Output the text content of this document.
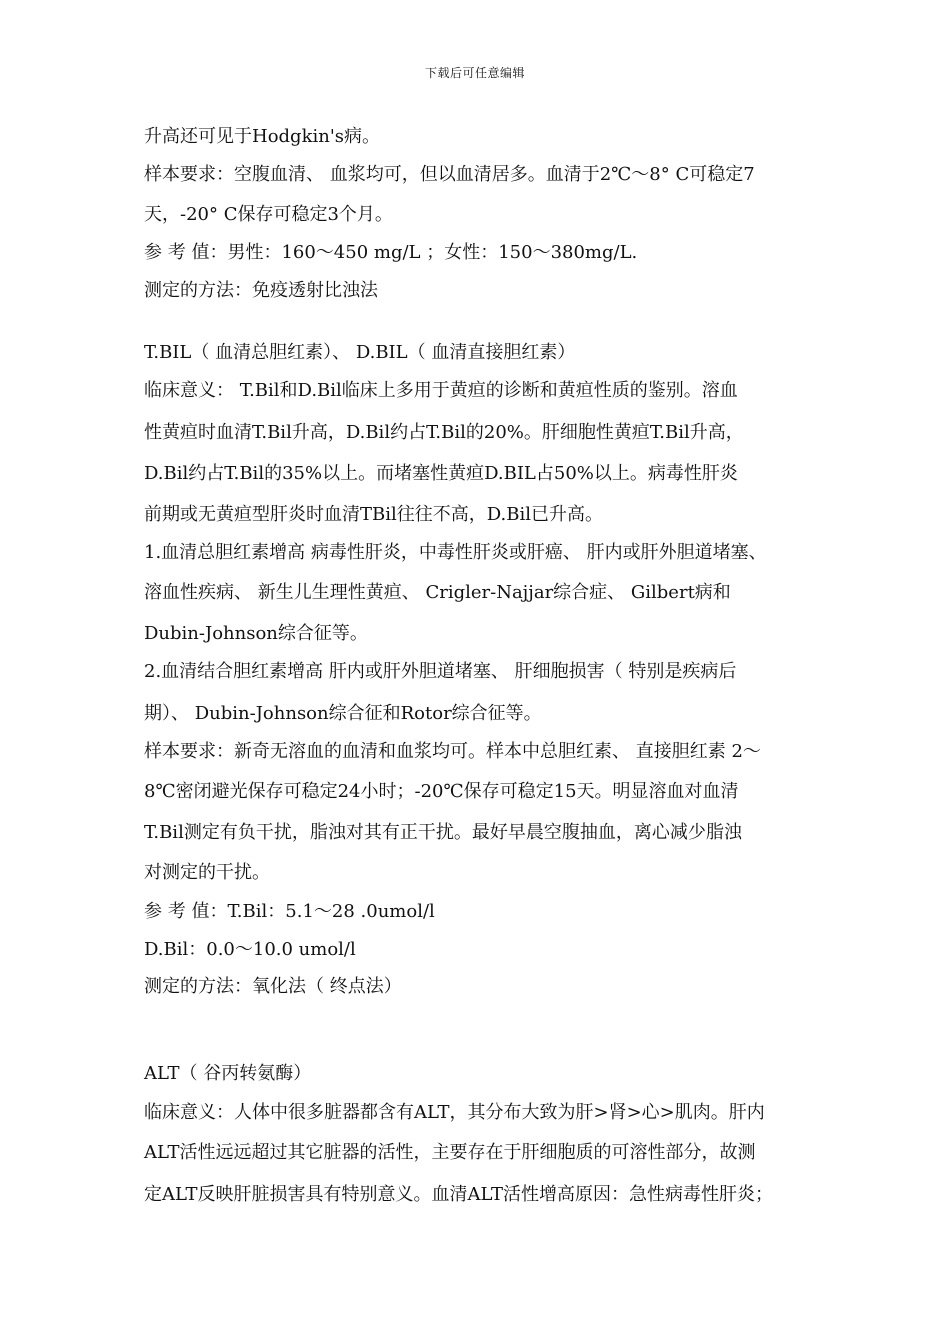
下载后可任意编辑
升高还可见于Hodgkin's病。
样本要求：空腹血清、 血浆均可，但以血清居多。血清于2℃～8° C可稳定7
天，-20° C保存可稳定3个月。
参 考 值：男性：160～450 mg/L ；女性：150～380mg/L.
测定的方法：免疫透射比浊法
T.BIL（ 血清总胆红素）、 D.BIL（ 血清直接胆红素）
临床意义： T.Bil和D.Bil临床上多用于黄疸的诊断和黄疸性质的鉴别。溶血
性黄疸时血清T.Bil升高，D.Bil约占T.Bil的20%。肝细胞性黄疸T.Bil升高，
D.Bil约占T.Bil的35%以上。而堵塞性黄疸D.BIL占50%以上。病毒性肝炎
前期或无黄疸型肝炎时血清TBil往往不高，D.Bil已升高。
1.血清总胆红素增高 病毒性肝炎，中毒性肝炎或肝癌、 肝内或肝外胆道堵塞、
溶血性疾病、 新生儿生理性黄疸、 Crigler-Najjar综合症、 Gilbert病和
Dubin-Johnson综合征等。
2.血清结合胆红素增高 肝内或肝外胆道堵塞、 肝细胞损害（ 特别是疾病后
期）、 Dubin-Johnson综合征和Rotor综合征等。
样本要求：新奇无溶血的血清和血浆均可。样本中总胆红素、 直接胆红素 2～
8℃密闭避光保存可稳定24小时；-20℃保存可稳定15天。明显溶血对血清
T.Bil测定有负干扰，脂浊对其有正干扰。最好早晨空腹抽血，离心减少脂浊
对测定的干扰。
参 考 值：T.Bil：5.1～28 .0umol/l
D.Bil：0.0～10.0 umol/l
测定的方法：氧化法（ 终点法）
ALT（ 谷丙转氨酶）
临床意义：人体中很多脏器都含有ALT，其分布大致为肝>肾>心>肌肉。肝内
ALT活性远远超过其它脏器的活性，主要存在于肝细胞质的可溶性部分，故测
定ALT反映肝脏损害具有特别意义。血清ALT活性增高原因：急性病毒性肝炎；
